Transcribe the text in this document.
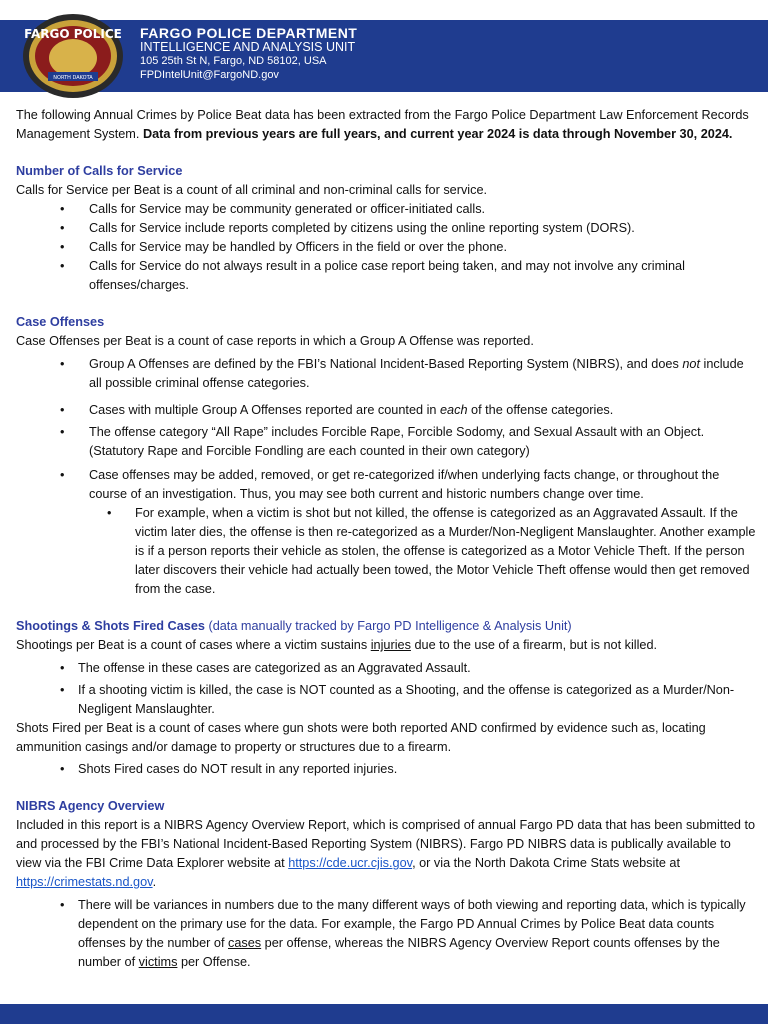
FARGO POLICE
NORTH DAKOTA
FARGO POLICE DEPARTMENT
INTELLIGENCE AND ANALYSIS UNIT
105 25th St N, Fargo, ND 58102, USA
FPDIntelUnit@FargoND.gov

The following Annual Crimes by Police Beat data has been extracted from the Fargo Police Department Law Enforcement Records Management System. Data from previous years are full years, and current year 2024 is data through November 30, 2024.

Number of Calls for Service

Calls for Service per Beat is a count of all criminal and non-criminal calls for service.

• Calls for Service may be community generated or officer-initiated calls.
• Calls for Service include reports completed by citizens using the online reporting system (DORS).
• Calls for Service may be handled by Officers in the field or over the phone.
• Calls for Service do not always result in a police case report being taken, and may not involve any criminal offenses/charges.

Case Offenses

Case Offenses per Beat is a count of case reports in which a Group A Offense was reported.

• Group A Offenses are defined by the FBI’s National Incident-Based Reporting System (NIBRS), and does not include all possible criminal offense categories.
• Cases with multiple Group A Offenses reported are counted in each of the offense categories.
• The offense category “All Rape” includes Forcible Rape, Forcible Sodomy, and Sexual Assault with an Object. (Statutory Rape and Forcible Fondling are each counted in their own category)
• Case offenses may be added, removed, or get re-categorized if/when underlying facts change, or throughout the course of an investigation. Thus, you may see both current and historic numbers change over time.
• For example, when a victim is shot but not killed, the offense is categorized as an Aggravated Assault. If the victim later dies, the offense is then re-categorized as a Murder/Non-Negligent Manslaughter. Another example is if a person reports their vehicle as stolen, the offense is categorized as a Motor Vehicle Theft. If the person later discovers their vehicle had actually been towed, the Motor Vehicle Theft offense would then get removed from the case.

Shootings & Shots Fired Cases (data manually tracked by Fargo PD Intelligence & Analysis Unit)

Shootings per Beat is a count of cases where a victim sustains injuries due to the use of a firearm, but is not killed.

• The offense in these cases are categorized as an Aggravated Assault.
• If a shooting victim is killed, the case is NOT counted as a Shooting, and the offense is categorized as a Murder/Non-Negligent Manslaughter.

Shots Fired per Beat is a count of cases where gun shots were both reported AND confirmed by evidence such as, locating ammunition casings and/or damage to property or structures due to a firearm.

• Shots Fired cases do NOT result in any reported injuries.

NIBRS Agency Overview

Included in this report is a NIBRS Agency Overview Report, which is comprised of annual Fargo PD data that has been submitted to and processed by the FBI’s National Incident-Based Reporting System (NIBRS). Fargo PD NIBRS data is publically available to view via the FBI Crime Data Explorer website at https://cde.ucr.cjis.gov, or via the North Dakota Crime Stats website at https://crimestats.nd.gov.

• There will be variances in numbers due to the many different ways of both viewing and reporting data, which is typically dependent on the primary use for the data. For example, the Fargo PD Annual Crimes by Police Beat data counts offenses by the number of cases per offense, whereas the NIBRS Agency Overview Report counts offenses by the number of victims per Offense.
